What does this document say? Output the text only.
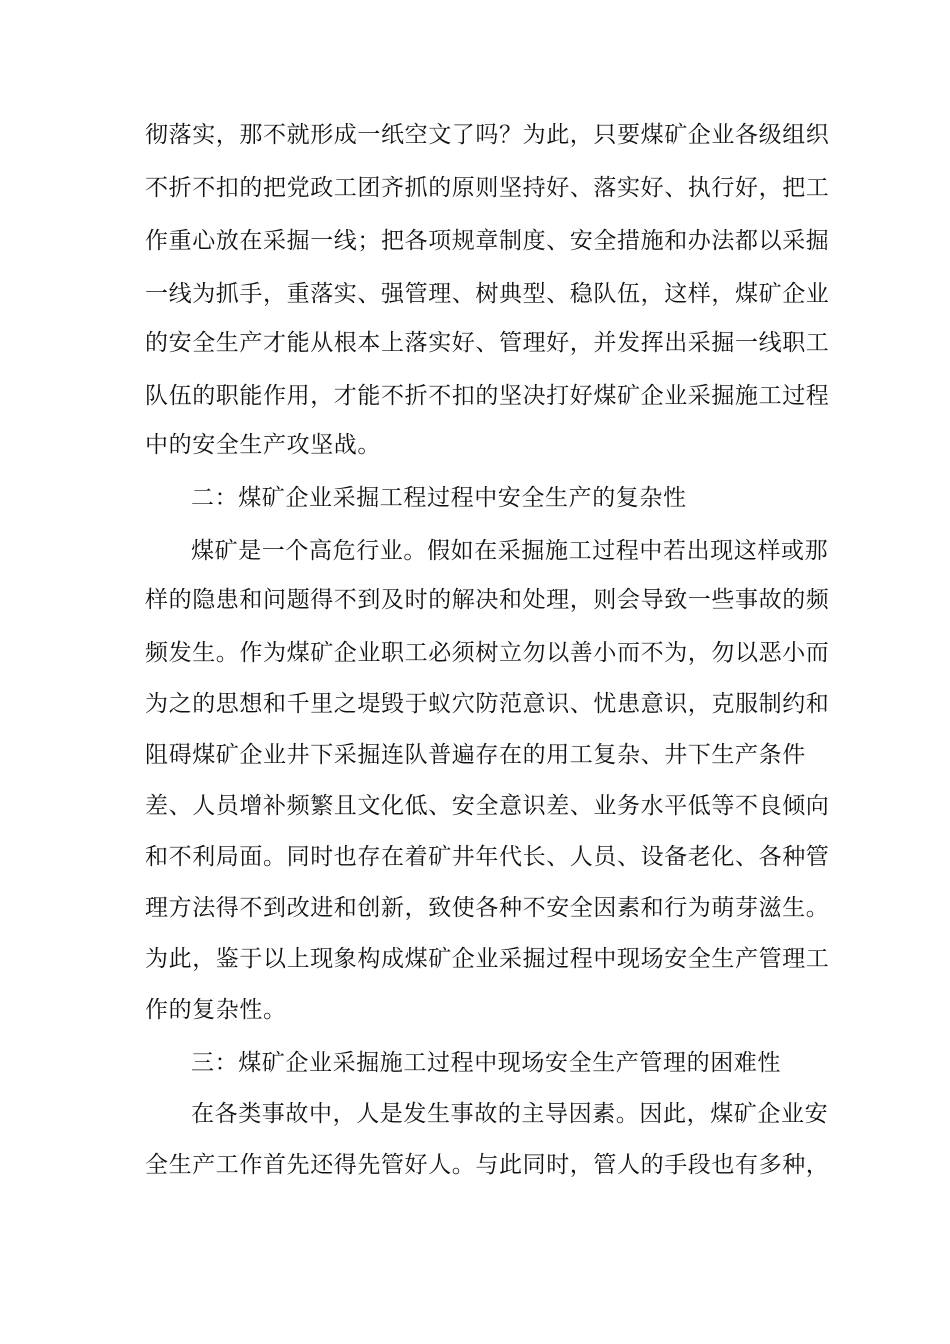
彻落实，那不就形成一纸空文了吗？为此，只要煤矿企业各级组织
不折不扣的把党政工团齐抓的原则坚持好、落实好、执行好，把工
作重心放在采掘一线；把各项规章制度、安全措施和办法都以采掘
一线为抓手，重落实、强管理、树典型、稳队伍，这样，煤矿企业
的安全生产才能从根本上落实好、管理好，并发挥出采掘一线职工
队伍的职能作用，才能不折不扣的坚决打好煤矿企业采掘施工过程
中的安全生产攻坚战。
二：煤矿企业采掘工程过程中安全生产的复杂性
煤矿是一个高危行业。假如在采掘施工过程中若出现这样或那
样的隐患和问题得不到及时的解决和处理，则会导致一些事故的频
频发生。作为煤矿企业职工必须树立勿以善小而不为，勿以恶小而
为之的思想和千里之堤毁于蚁穴防范意识、忧患意识，克服制约和
阻碍煤矿企业井下采掘连队普遍存在的用工复杂、井下生产条件
差、人员增补频繁且文化低、安全意识差、业务水平低等不良倾向
和不利局面。同时也存在着矿井年代长、人员、设备老化、各种管
理方法得不到改进和创新，致使各种不安全因素和行为萌芽滋生。
为此，鉴于以上现象构成煤矿企业采掘过程中现场安全生产管理工
作的复杂性。
三：煤矿企业采掘施工过程中现场安全生产管理的困难性
在各类事故中，人是发生事故的主导因素。因此，煤矿企业安
全生产工作首先还得先管好人。与此同时，管人的手段也有多种，
